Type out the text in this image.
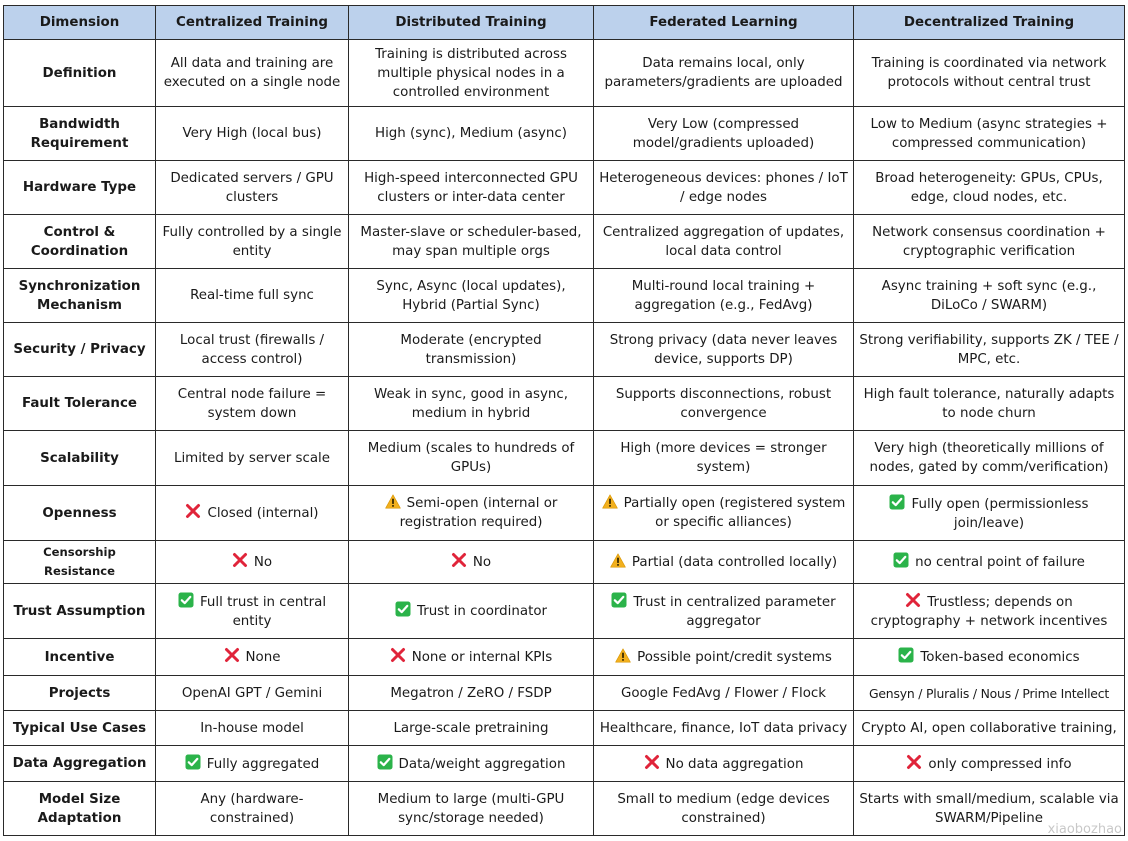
Dimension	Centralized Training	Distributed Training	Federated Learning	Decentralized Training
Definition	All data and training are executed on a single node	Training is distributed across multiple physical nodes in a controlled environment	Data remains local, only parameters/gradients are uploaded	Training is coordinated via network protocols without central trust
Bandwidth Requirement	Very High (local bus)	High (sync), Medium (async)	Very Low (compressed model/gradients uploaded)	Low to Medium (async strategies + compressed communication)
Hardware Type	Dedicated servers / GPU clusters	High-speed interconnected GPU clusters or inter-data center	Heterogeneous devices: phones / IoT / edge nodes	Broad heterogeneity: GPUs, CPUs, edge, cloud nodes, etc.
Control & Coordination	Fully controlled by a single entity	Master-slave or scheduler-based, may span multiple orgs	Centralized aggregation of updates, local data control	Network consensus coordination + cryptographic verification
Synchronization Mechanism	Real-time full sync	Sync, Async (local updates), Hybrid (Partial Sync)	Multi-round local training + aggregation (e.g., FedAvg)	Async training + soft sync (e.g., DiLoCo / SWARM)
Security / Privacy	Local trust (firewalls / access control)	Moderate (encrypted transmission)	Strong privacy (data never leaves device, supports DP)	Strong verifiability, supports ZK / TEE / MPC, etc.
Fault Tolerance	Central node failure = system down	Weak in sync, good in async, medium in hybrid	Supports disconnections, robust convergence	High fault tolerance, naturally adapts to node churn
Scalability	Limited by server scale	Medium (scales to hundreds of GPUs)	High (more devices = stronger system)	Very high (theoretically millions of nodes, gated by comm/verification)
Openness	Closed (internal)	Semi-open (internal or registration required)	Partially open (registered system or specific alliances)	Fully open (permissionless join/leave)
Censorship Resistance	No	No	Partial (data controlled locally)	no central point of failure
Trust Assumption	Full trust in central entity	Trust in coordinator	Trust in centralized parameter aggregator	Trustless; depends on cryptography + network incentives
Incentive	None	None or internal KPIs	Possible point/credit systems	Token-based economics
Projects	OpenAI GPT / Gemini	Megatron / ZeRO / FSDP	Google FedAvg / Flower / Flock	Gensyn / Pluralis / Nous / Prime Intellect
Typical Use Cases	In-house model	Large-scale pretraining	Healthcare, finance, IoT data privacy	Crypto AI, open collaborative training,
Data Aggregation	Fully aggregated	Data/weight aggregation	No data aggregation	only compressed info
Model Size Adaptation	Any (hardware-constrained)	Medium to large (multi-GPU sync/storage needed)	Small to medium (edge devices constrained)	Starts with small/medium, scalable via SWARM/Pipeline
xiaobozhao
